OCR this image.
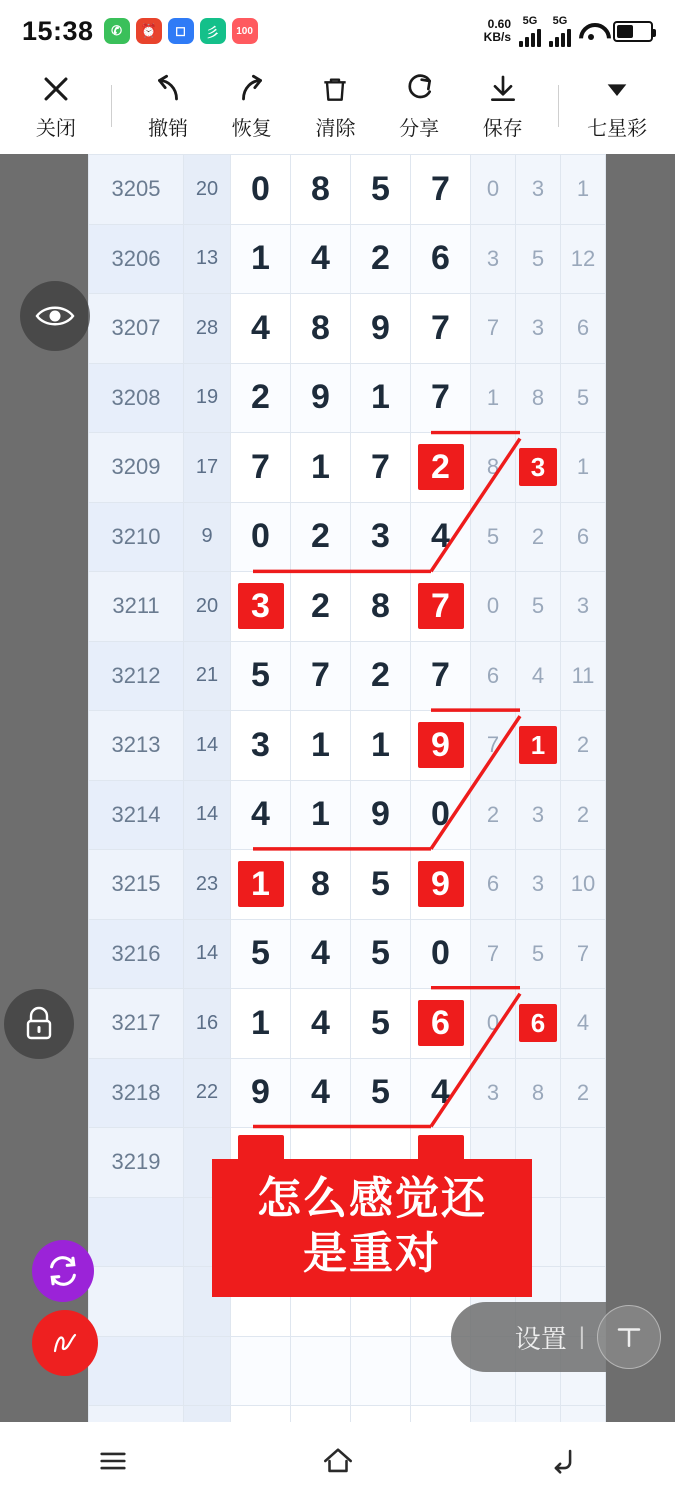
15:38	✆	⏰	◻	彡	100	0.60
KB/s
5G 5G
关闭	撤销 恢复 清除 分享 保存	七星彩
3205	20	0	8	5	7	0	3	1
3206	13	1	4	2	6	3	5	12
3207	28	4	8	9	7	7	3	6
3208	19	2	9	1	7	1	8	5
3209	17	7	1	7	2	8	3	1
3210	9	0	2	3	4	5	2	6
3211	20	3	2	8	7	0	5	3
3212	21	5	7	2	7	6	4	11
3213	14	3	1	1	9	7	1	2
3214	14	4	1	9	0	2	3	2
3215	23	1	8	5	9	6	3	10
3216	14	5	4	5	0	7	5	7
3217	16	1	4	5	6	0	6	4
3218	22	9	4	5	4	3	8	2
3219								

怎么感觉还
是重对
设置 |
